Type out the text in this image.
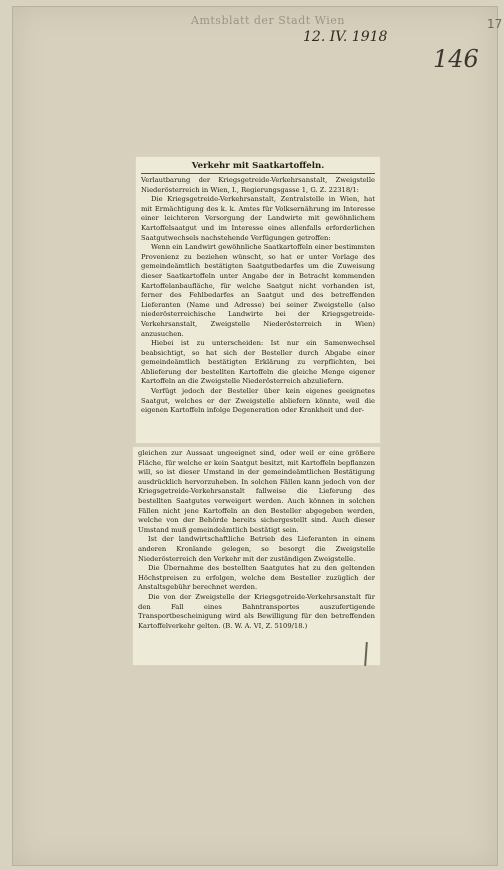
Amtsblatt der Stadt Wien
12. IV. 1918
146
17
Verkehr mit Saatkartoffeln.

Verlautbarung der Kriegsgetreide-Verkehrsanstalt, Zweigstelle Niederösterreich in Wien, I., Regierungsgasse 1, G. Z. 22318/1:

Die Kriegsgetreide-Verkehrsanstalt, Zentralstelle in Wien, hat mit Ermächtigung des k. k. Amtes für Volksernährung im Interesse einer leichteren Versorgung der Landwirte mit gewöhnlichem Kartoffelsaatgut und im Interesse eines allenfalls erforderlichen Saatgutwechsels nachstehende Verfügungen getroffen:

Wenn ein Landwirt gewöhnliche Saatkartoffeln einer bestimmten Provenienz zu beziehen wünscht, so hat er unter Vorlage des gemeindeämtlich bestätigten Saatgutbedarfes um die Zuweisung dieser Saatkartoffeln unter Angabe der in Betracht kommenden Kartoffelanbaufläche, für welche Saatgut nicht vorhanden ist, ferner des Fehlbedarfes an Saatgut und des betreffenden Lieferanten (Name und Adresse) bei seiner Zweigstelle (also niederösterreichische Landwirte bei der Kriegsgetreide-Verkehrsanstalt, Zweigstelle Niederösterreich in Wien) anzusuchen.

Hiebei ist zu unterscheiden: Ist nur ein Samenwechsel beabsichtigt, so hat sich der Besteller durch Abgabe einer gemeindeämtlich bestätigten Erklärung zu verpflichten, bei Ablieferung der bestellten Kartoffeln die gleiche Menge eigener Kartoffeln an die Zweigstelle Niederösterreich abzuliefern.

Verfügt jedoch der Besteller über kein eigenes geeignetes Saatgut, welches er der Zweigstelle abliefern könnte, weil die eigenen Kartoffeln infolge Degeneration oder Krankheit und der-

gleichen zur Aussaat ungeeignet sind, oder weil er eine größere Fläche, für welche er kein Saatgut besitzt, mit Kartoffeln bepflanzen will, so ist dieser Umstand in der gemeindeämtlichen Bestätigung ausdrücklich hervorzuheben. In solchen Fällen kann jedoch von der Kriegsgetreide-Verkehrsanstalt fallweise die Lieferung des bestellten Saatgutes verweigert werden. Auch können in solchen Fällen nicht jene Kartoffeln an den Besteller abgegeben werden, welche von der Behörde bereits sichergestellt sind. Auch dieser Umstand muß gemeindeämtlich bestätigt sein.

Ist der landwirtschaftliche Betrieb des Lieferanten in einem anderen Kronlande gelegen, so besorgt die Zweigstelle Niederösterreich den Verkehr mit der zuständigen Zweigstelle.

Die Übernahme des bestellten Saatgutes hat zu den geltenden Höchstpreisen zu erfolgen, welche dem Besteller zuzüglich der Anstaltsgebühr berechnet werden.

Die von der Zweigstelle der Kriegsgetreide-Verkehrsanstalt für den Fall eines Bahntransportes auszufertigende Transportbescheinigung wird als Bewilligung für den betreffenden Kartoffelverkehr gelten. (B. W. A. VI, Z. 5109/18.)
